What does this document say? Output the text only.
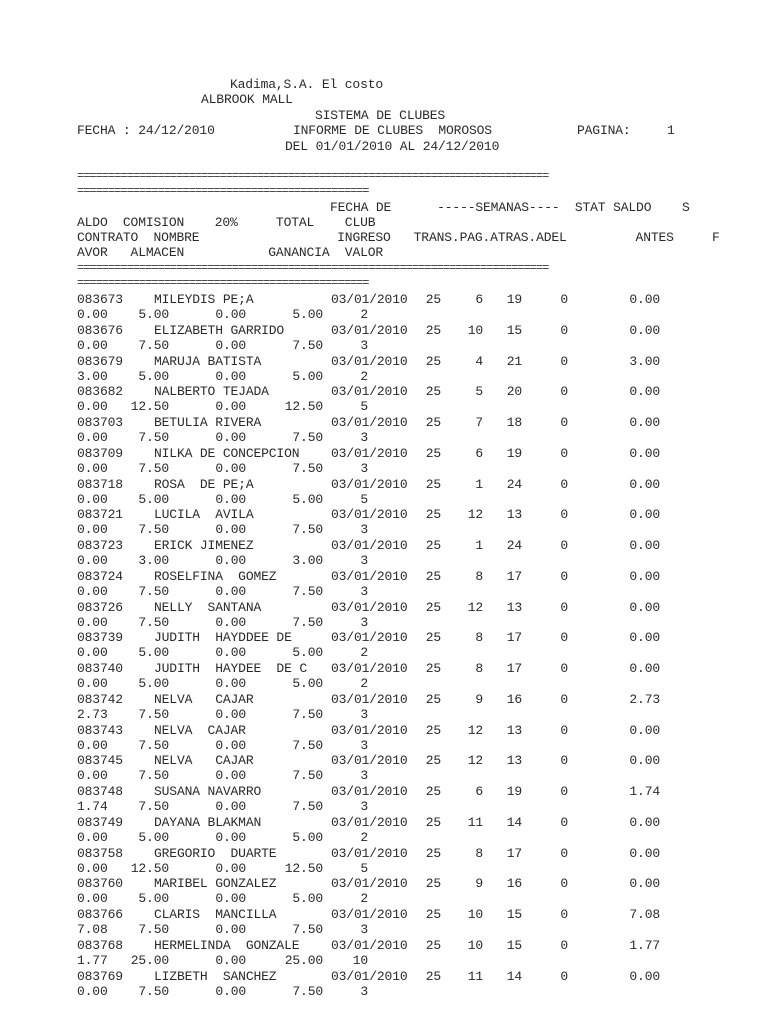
Kadima,S.A. El costo
ALBROOK MALL
SISTEMA DE CLUBES
FECHA : 24/12/2010	INFORME DE CLUBES  MOROSOS	PAGINA:	1
DEL 01/01/2010 AL 24/12/2010
============================================================================
===============================================
FECHA DE      -----SEMANAS----  STAT SALDO    S
ALDO  COMISION    20%     TOTAL    CLUB
CONTRATO  NOMBRE                  INGRESO   TRANS.PAG.ATRAS.ADEL         ANTES     F
AVOR   ALMACEN           GANANCIA  VALOR
============================================================================
===============================================
083673 MILEYDIS PE;A	03/01/2010	25	6	19	0	0.00
0.00	5.00	0.00	5.00	2
083676 ELIZABETH GARRIDO	03/01/2010	25	10	15	0	0.00
0.00	7.50	0.00	7.50	3
083679 MARUJA BATISTA	03/01/2010	25	4	21	0	3.00
3.00	5.00	0.00	5.00	2
083682 NALBERTO TEJADA	03/01/2010	25	5	20	0	0.00
0.00	12.50	0.00	12.50	5
083703 BETULIA RIVERA	03/01/2010	25	7	18	0	0.00
0.00	7.50	0.00	7.50	3
083709 NILKA DE CONCEPCION 03/01/2010	25	6	19	0	0.00
0.00	7.50	0.00	7.50	3
083718 ROSA  DE PE;A	03/01/2010	25	1	24	0	0.00
0.00	5.00	0.00	5.00	5
083721 LUCILA  AVILA	03/01/2010	25	12	13	0	0.00
0.00	7.50	0.00	7.50	3
083723 ERICK JIMENEZ	03/01/2010	25	1	24	0	0.00
0.00	3.00	0.00	3.00	3
083724 ROSELFINA  GOMEZ	03/01/2010	25	8	17	0	0.00
0.00	7.50	0.00	7.50	3
083726 NELLY  SANTANA	03/01/2010	25	12	13	0	0.00
0.00	7.50	0.00	7.50	3
083739 JUDITH  HAYDDEE DE	03/01/2010	25	8	17	0	0.00
0.00	5.00	0.00	5.00	2
083740 JUDITH  HAYDEE  DE C 03/01/2010	25	8	17	0	0.00
0.00	5.00	0.00	5.00	2
083742 NELVA   CAJAR	03/01/2010	25	9	16	0	2.73
2.73	7.50	0.00	7.50	3
083743 NELVA  CAJAR	03/01/2010	25	12	13	0	0.00
0.00	7.50	0.00	7.50	3
083745 NELVA   CAJAR	03/01/2010	25	12	13	0	0.00
0.00	7.50	0.00	7.50	3
083748 SUSANA NAVARRO	03/01/2010	25	6	19	0	1.74
1.74	7.50	0.00	7.50	3
083749 DAYANA BLAKMAN	03/01/2010	25	11	14	0	0.00
0.00	5.00	0.00	5.00	2
083758 GREGORIO  DUARTE	03/01/2010	25	8	17	0	0.00
0.00	12.50	0.00	12.50	5
083760 MARIBEL GONZALEZ	03/01/2010	25	9	16	0	0.00
0.00	5.00	0.00	5.00	2
083766 CLARIS  MANCILLA	03/01/2010	25	10	15	0	7.08
7.08	7.50	0.00	7.50	3
083768 HERMELINDA  GONZALE 03/01/2010	25	10	15	0	1.77
1.77	25.00	0.00	25.00	10
083769 LIZBETH  SANCHEZ	03/01/2010	25	11	14	0	0.00
0.00	7.50	0.00	7.50	3
